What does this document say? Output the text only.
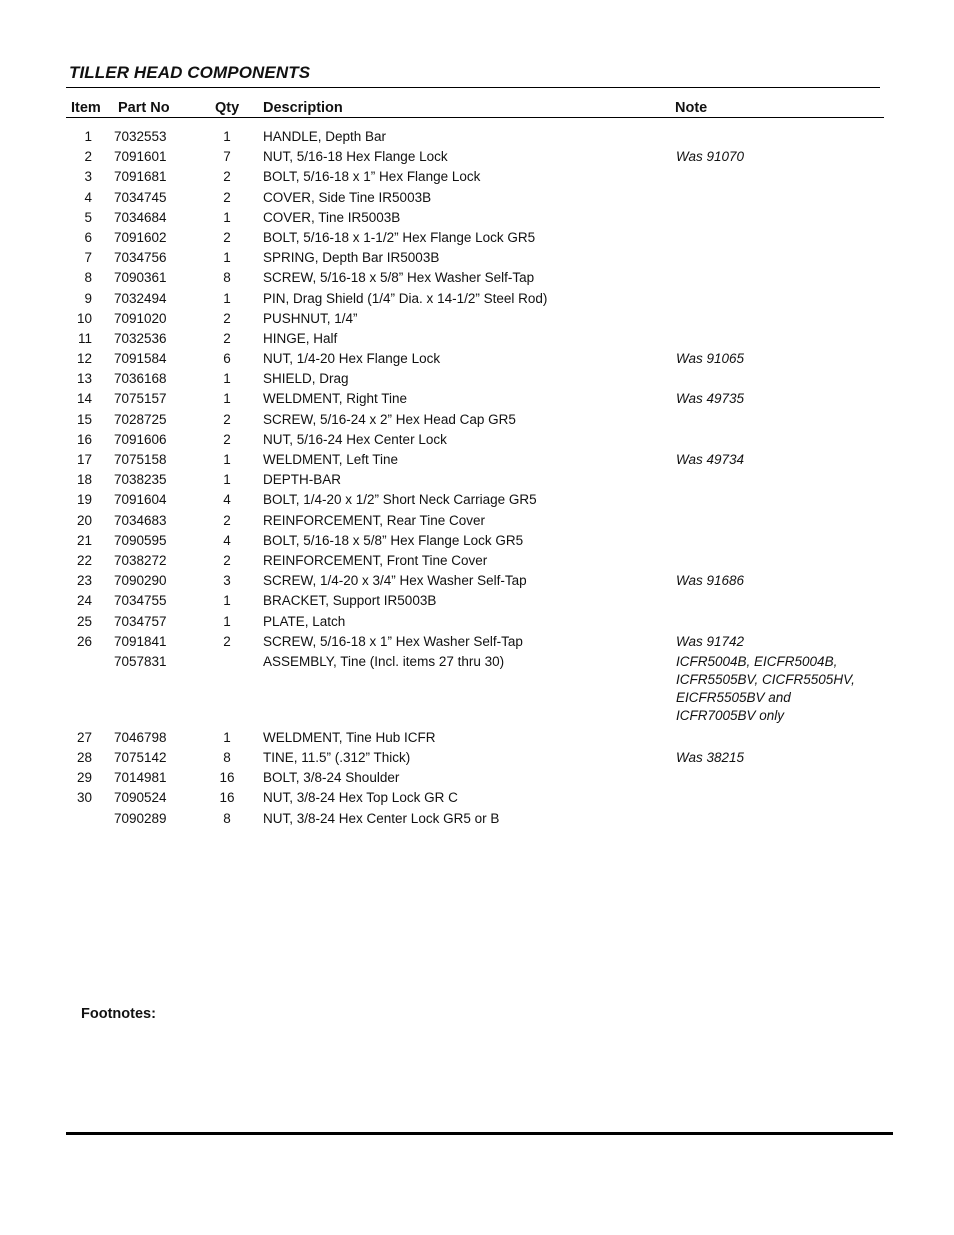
TILLER HEAD COMPONENTS
Item Part No	Qty Description	Note
1 7032553	1	HANDLE, Depth Bar
2 7091601	7	NUT, 5/16-18 Hex Flange Lock	Was 91070
3 7091681	2	BOLT, 5/16-18 x 1” Hex Flange Lock
4 7034745	2	COVER, Side Tine IR5003B
5 7034684	1	COVER, Tine IR5003B
6 7091602	2	BOLT, 5/16-18 x 1-1/2” Hex Flange Lock GR5
7 7034756	1	SPRING, Depth Bar IR5003B
8 7090361	8	SCREW, 5/16-18 x 5/8” Hex Washer Self-Tap
9 7032494	1	PIN, Drag Shield (1/4” Dia. x 14-1/2” Steel Rod)
10 7091020	2	PUSHNUT, 1/4”
11 7032536	2	HINGE, Half
12 7091584	6	NUT, 1/4-20 Hex Flange Lock	Was 91065
13 7036168	1	SHIELD, Drag
14 7075157	1	WELDMENT, Right Tine	Was 49735
15 7028725	2	SCREW, 5/16-24 x 2” Hex Head Cap GR5
16 7091606	2	NUT, 5/16-24 Hex Center Lock
17 7075158	1	WELDMENT, Left Tine	Was 49734
18 7038235	1	DEPTH-BAR
19 7091604	4	BOLT, 1/4-20 x 1/2” Short Neck Carriage GR5
20 7034683	2	REINFORCEMENT, Rear Tine Cover
21 7090595	4	BOLT, 5/16-18 x 5/8” Hex Flange Lock GR5
22 7038272	2	REINFORCEMENT, Front Tine Cover
23 7090290	3	SCREW, 1/4-20 x 3/4” Hex Washer Self-Tap	Was 91686
24 7034755	1	BRACKET, Support IR5003B
25 7034757	1	PLATE, Latch
26 7091841	2	SCREW, 5/16-18 x 1” Hex Washer Self-Tap	Was 91742
7057831	ASSEMBLY, Tine (Incl. items 27 thru 30)	ICFR5004B, EICFR5004B,
ICFR5505BV, CICFR5505HV,
EICFR5505BV and
ICFR7005BV only
27 7046798	1	WELDMENT, Tine Hub ICFR
28 7075142	8	TINE, 11.5” (.312” Thick)	Was 38215
29 7014981	16	BOLT, 3/8-24 Shoulder
30 7090524	16	NUT, 3/8-24 Hex Top Lock GR C
7090289	8	NUT, 3/8-24 Hex Center Lock GR5 or B
Footnotes:
